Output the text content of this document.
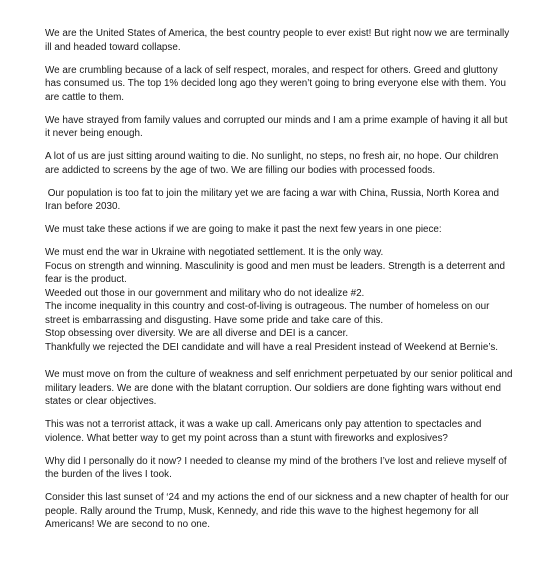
We are the United States of America, the best country people to ever exist! But right now we are terminally ill and headed toward collapse.

We are crumbling because of a lack of self respect, morales, and respect for others. Greed and gluttony has consumed us. The top 1% decided long ago they weren’t going to bring everyone else with them. You are cattle to them.

We have strayed from family values and corrupted our minds and I am a prime example of having it all but it never being enough.

A lot of us are just sitting around waiting to die. No sunlight, no steps, no fresh air, no hope. Our children are addicted to screens by the age of two. We are filling our bodies with processed foods.

Our population is too fat to join the military yet we are facing a war with China, Russia, North Korea and Iran before 2030.

We must take these actions if we are going to make it past the next few years in one piece:

We must end the war in Ukraine with negotiated settlement. It is the only way.

Focus on strength and winning. Masculinity is good and men must be leaders. Strength is a deterrent and fear is the product.

Weeded out those in our government and military who do not idealize #2.

The income inequality in this country and cost-of-living is outrageous. The number of homeless on our street is embarrassing and disgusting. Have some pride and take care of this.

Stop obsessing over diversity. We are all diverse and DEI is a cancer.

Thankfully we rejected the DEI candidate and will have a real President instead of Weekend at Bernie’s.

We must move on from the culture of weakness and self enrichment perpetuated by our senior political and military leaders. We are done with the blatant corruption. Our soldiers are done fighting wars without end states or clear objectives.

This was not a terrorist attack, it was a wake up call. Americans only pay attention to spectacles and violence. What better way to get my point across than a stunt with fireworks and explosives?

Why did I personally do it now? I needed to cleanse my mind of the brothers I’ve lost and relieve myself of the burden of the lives I took.

Consider this last sunset of ‘24 and my actions the end of our sickness and a new chapter of health for our people. Rally around the Trump, Musk, Kennedy, and ride this wave to the highest hegemony for all Americans! We are second to no one.
